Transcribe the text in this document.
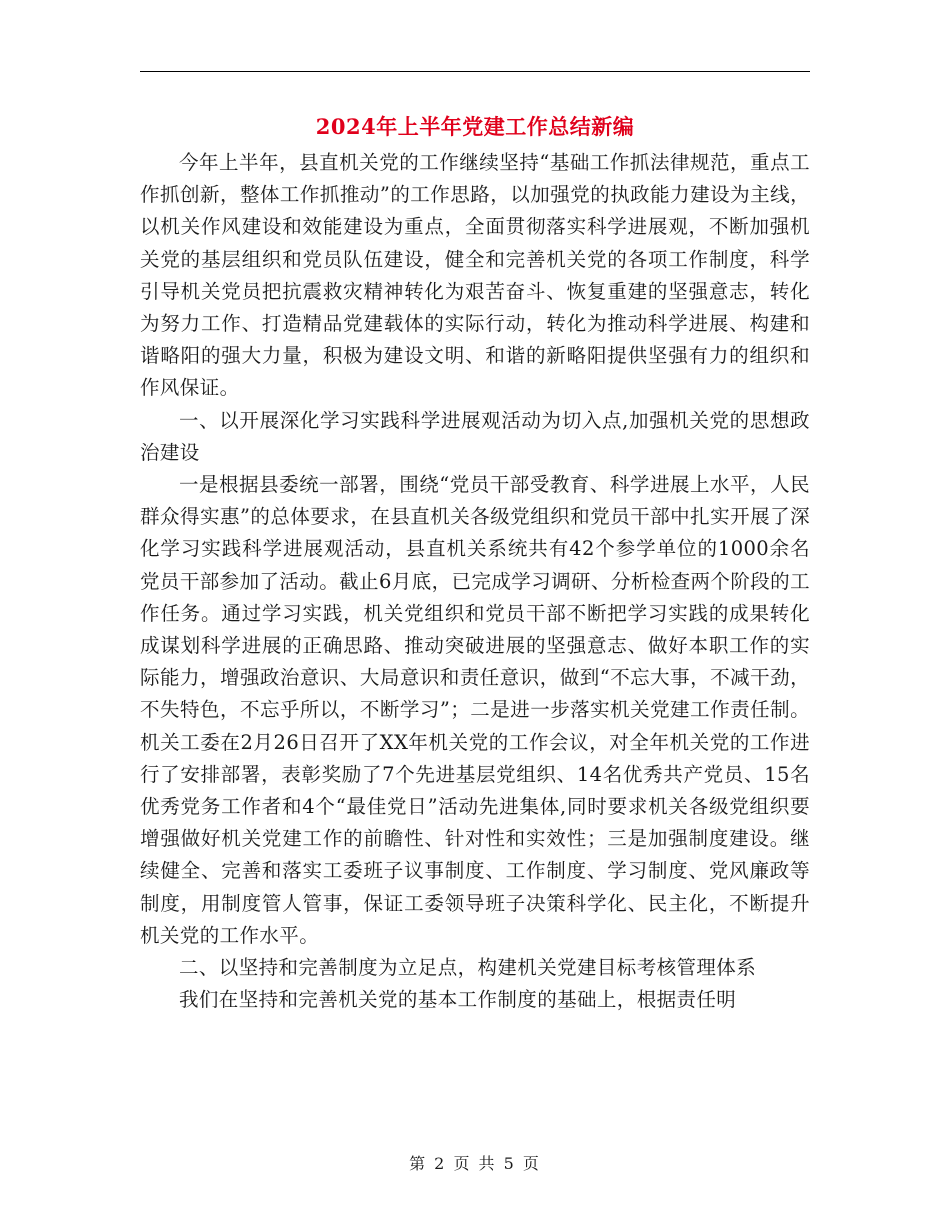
2024年上半年党建工作总结新编

今年上半年，县直机关党的工作继续坚持“基础工作抓法律规范，重点工作抓创新，整体工作抓推动”的工作思路，以加强党的执政能力建设为主线，以机关作风建设和效能建设为重点，全面贯彻落实科学进展观，不断加强机关党的基层组织和党员队伍建设，健全和完善机关党的各项工作制度，科学引导机关党员把抗震救灾精神转化为艰苦奋斗、恢复重建的坚强意志，转化为努力工作、打造精品党建载体的实际行动，转化为推动科学进展、构建和谐略阳的强大力量，积极为建设文明、和谐的新略阳提供坚强有力的组织和作风保证。

一、以开展深化学习实践科学进展观活动为切入点,加强机关党的思想政治建设

一是根据县委统一部署，围绕“党员干部受教育、科学进展上水平，人民群众得实惠”的总体要求，在县直机关各级党组织和党员干部中扎实开展了深化学习实践科学进展观活动，县直机关系统共有42个参学单位的1000余名党员干部参加了活动。截止6月底，已完成学习调研、分析检查两个阶段的工作任务。通过学习实践，机关党组织和党员干部不断把学习实践的成果转化成谋划科学进展的正确思路、推动突破进展的坚强意志、做好本职工作的实际能力，增强政治意识、大局意识和责任意识，做到“不忘大事，不减干劲，不失特色，不忘乎所以，不断学习”；二是进一步落实机关党建工作责任制。机关工委在2月26日召开了XX年机关党的工作会议，对全年机关党的工作进行了安排部署，表彰奖励了7个先进基层党组织、14名优秀共产党员、15名优秀党务工作者和4个“最佳党日”活动先进集体,同时要求机关各级党组织要增强做好机关党建工作的前瞻性、针对性和实效性；三是加强制度建设。继续健全、完善和落实工委班子议事制度、工作制度、学习制度、党风廉政等制度，用制度管人管事，保证工委领导班子决策科学化、民主化，不断提升机关党的工作水平。

二、以坚持和完善制度为立足点，构建机关党建目标考核管理体系

我们在坚持和完善机关党的基本工作制度的基础上，根据责任明

第 2 页 共 5 页
